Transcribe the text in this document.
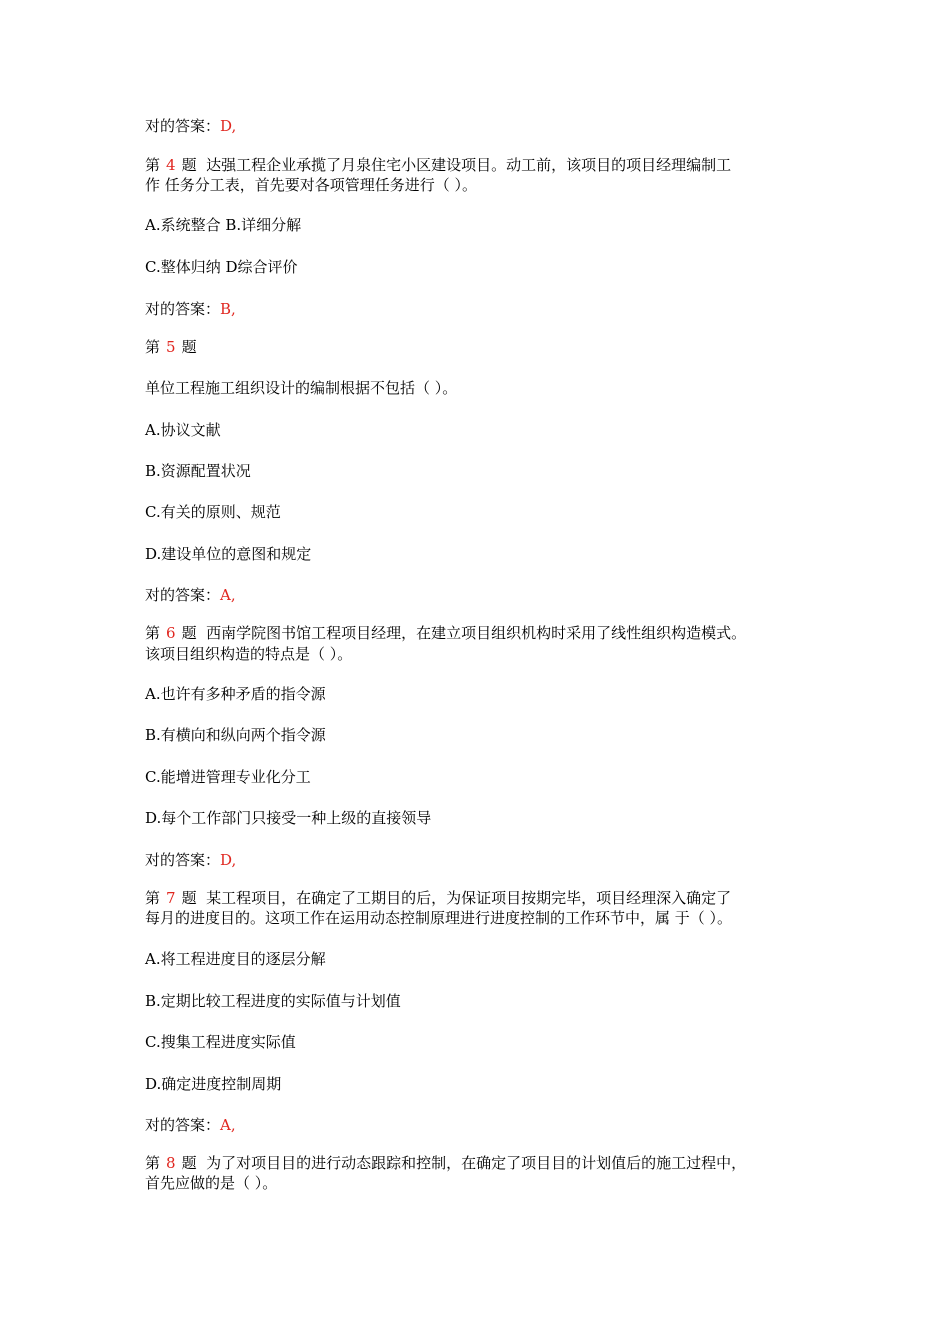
对的答案：D,
第 4 题 达强工程企业承揽了月泉住宅小区建设项目。动工前，该项目的项目经理编制工
作 任务分工表，首先要对各项管理任务进行（ ）。
A.系统整合 B.详细分解
C.整体归纳 D综合评价
对的答案：B,
第 5 题
单位工程施工组织设计的编制根据不包括（ ）。
A.协议文献
B.资源配置状况
C.有关的原则、规范
D.建设单位的意图和规定
对的答案：A,
第 6 题 西南学院图书馆工程项目经理，在建立项目组织机构时采用了线性组织构造模式。
该项目组织构造的特点是（ ）。
A.也许有多种矛盾的指令源
B.有横向和纵向两个指令源
C.能增进管理专业化分工
D.每个工作部门只接受一种上级的直接领导
对的答案：D,
第 7 题 某工程项目，在确定了工期目的后，为保证项目按期完毕，项目经理深入确定了
每月的进度目的。这项工作在运用动态控制原理进行进度控制的工作环节中，属 于（ ）。
A.将工程进度目的逐层分解
B.定期比较工程进度的实际值与计划值
C.搜集工程进度实际值
D.确定进度控制周期
对的答案：A,
第 8 题 为了对项目目的进行动态跟踪和控制，在确定了项目目的计划值后的施工过程中，
首先应做的是（ ）。
